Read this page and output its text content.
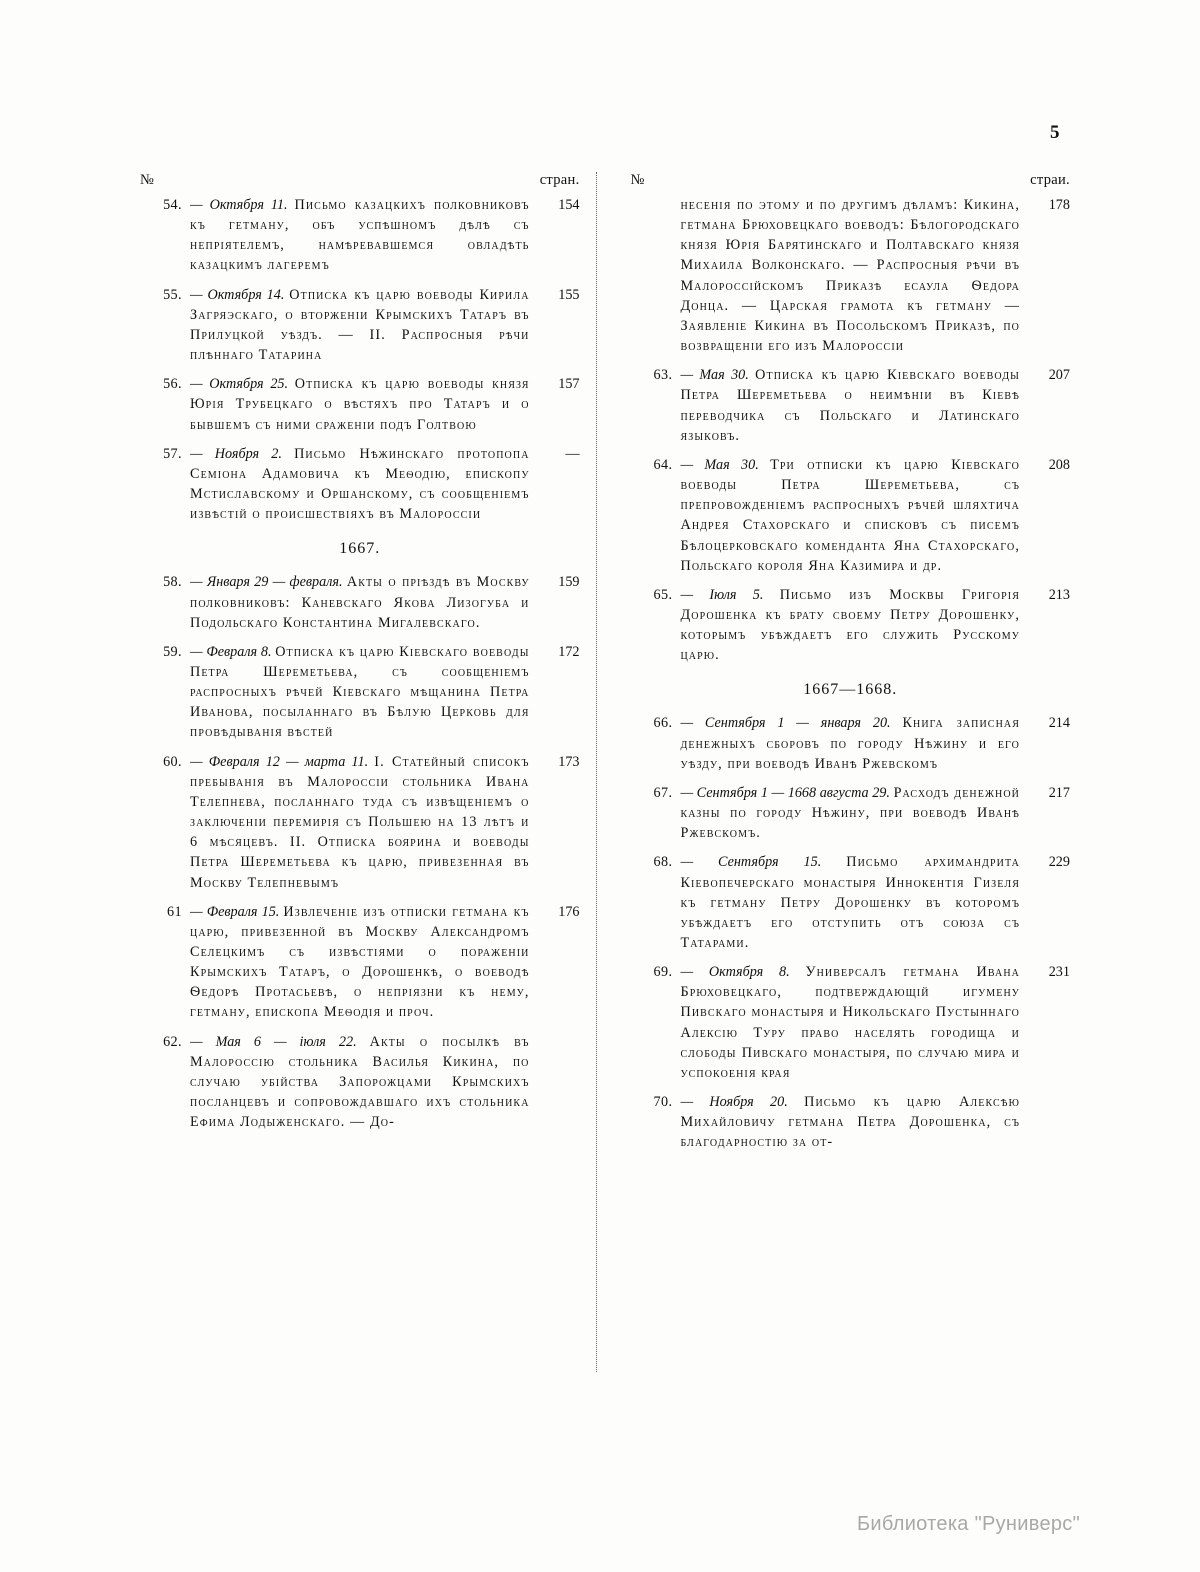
5
№	стран.
54. — Октября 11. Письмо казацкихъ полковниковъ къ гетману, объ успѣшномъ дѣлѣ съ непріятелемъ, намѣревавшемся овладѣть казацкимъ лагеремъ
154
55. — Октября 14. Отписка къ царю воеводы Кирила Загряэскаго, о вторженіи Крымскихъ Татаръ въ Прилуцкой уѣздъ. — II. Распросныя рѣчи плѣннаго Татарина
155
56. — Октября 25. Отписка къ царю воеводы князя Юрія Трубецкаго о вѣстяхъ про Татаръ и о бывшемъ съ ними сраженіи подъ Голтвою
157
57. — Ноября 2. Письмо Нѣжинскаго протопопа Семіона Адамовича къ Меѳодію, епископу Мстиславскому и Оршанскому, съ сообщеніемъ извѣстій о происшествіяхъ въ Малороссіи
—
1667.
58. — Января 29 — февраля. Акты о пріѣздѣ въ Москву полковниковъ: Каневскаго Якова Лизогуба и Подольскаго Константина Мигалевскаго.
159
59. — Февраля 8. Отписка къ царю Кіевскаго воеводы Петра Шереметьева, съ сообщеніемъ распросныхъ рѣчей Кіевскаго мѣщанина Петра Иванова, посыланнаго въ Бѣлую Церковь для провѣдыванія вѣстей
172
60. — Февраля 12 — марта 11. I. Статейный списокъ пребыванія въ Малороссіи стольника Ивана Телепнева, посланнаго туда съ извѣщеніемъ о заключеніи перемирія съ Польшею на 13 лѣтъ и 6 мѣсяцевъ. II. Отписка боярина и воеводы Петра Шереметьева къ царю, привезенная въ Москву Телепневымъ
173
61 — Февраля 15. Извлеченіе изъ отписки гетмана къ царю, привезенной въ Москву Александромъ Селецкимъ съ извѣстіями о пораженіи Крымскихъ Татаръ, о Дорошенкѣ, о воеводѣ Ѳедорѣ Протасьевѣ, о непріязни къ нему, гетману, епископа Меѳодія и проч.
176
62. — Мая 6 — іюля 22. Акты о посылкѣ въ Малороссію стольника Василья Кикина, по случаю убійства Запорожцами Крымскихъ посланцевъ и сопровождавшаго ихъ стольника Ефима Лодыженскаго. — До-
№	страи.
несенія по этому и по другимъ дѣламъ: Кикина, гетмана Брюховецкаго воеводъ: Бѣлогородскаго князя Юрія Барятинскаго и Полтавскаго князя Михаила Волконскаго. — Распросныя рѣчи въ Малороссійскомъ Приказѣ есаула Ѳедора Донца. — Царская грамота къ гетману — Заявленіе Кикина въ Посольскомъ Приказѣ, по возвращеніи его изъ Малороссіи
178
63. — Мая 30. Отписка къ царю Кіевскаго воеводы Петра Шереметьева о неимѣніи въ Кіевѣ переводчика съ Польскаго и Латинскаго языковъ.
207
64. — Мая 30. Три отписки къ царю Кіевскаго воеводы Петра Шереметьева, съ препровожденіемъ распросныхъ рѣчей шляхтича Андрея Стахорскаго и списковъ съ писемъ Бѣлоцерковскаго коменданта Яна Стахорскаго, Польскаго короля Яна Казимира и др.
208
65. — Іюля 5. Письмо изъ Москвы Григорія Дорошенка къ брату своему Петру Дорошенку, которымъ убѣждаетъ его служить Русскому царю.
213
1667—1668.
66. — Сентября 1 — января 20. Книга записная денежныхъ сборовъ по городу Нѣжину и его уѣзду, при воеводѣ Иванѣ Ржевскомъ
214
67. — Сентября 1 — 1668 августа 29. Расходъ денежной казны по городу Нѣжину, при воеводѣ Иванѣ Ржевскомъ.
217
68. — Сентября 15. Письмо архимандрита Кіевопечерскаго монастыря Иннокентія Гизеля къ гетману Петру Дорошенку въ которомъ убѣждаетъ его отступить отъ союза съ Татарами.
229
69. — Октября 8. Универсалъ гетмана Ивана Брюховецкаго, подтверждающій игумену Пивскаго монастыря и Никольскаго Пустыннаго Алексію Туру право населять городища и слободы Пивскаго монастыря, по случаю мира и успокоенія края
231
70. — Ноября 20. Письмо къ царю Алексѣю Михайловичу гетмана Петра Дорошенка, съ благодарностію за от-
Библиотека "Руниверс"
